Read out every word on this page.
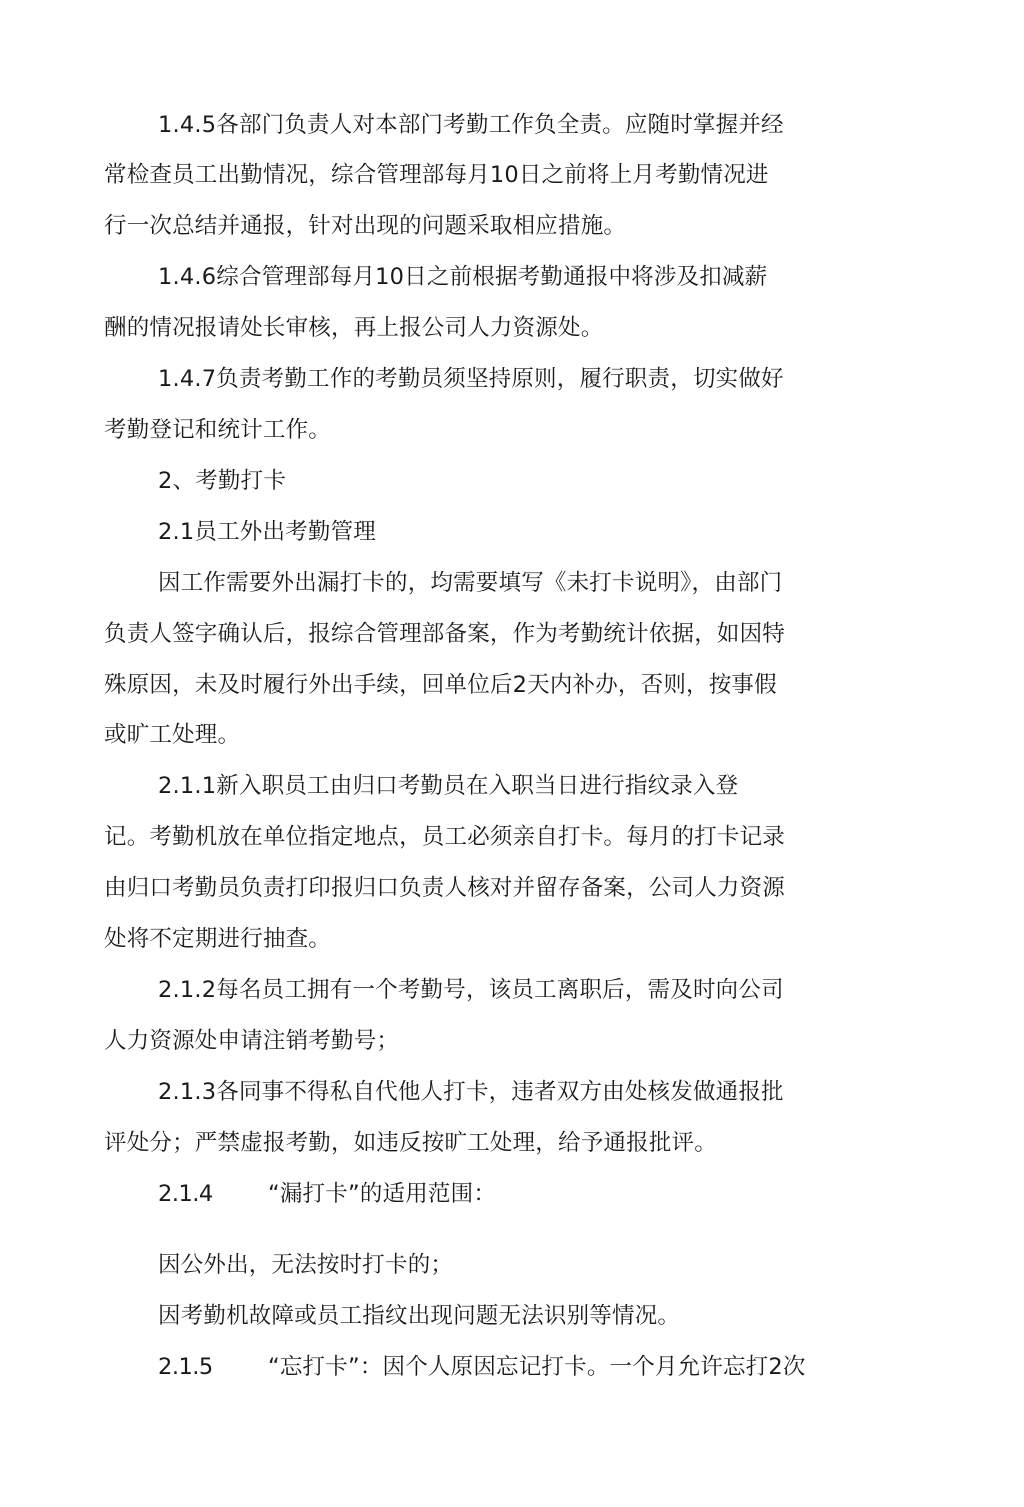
1.4.5各部门负责人对本部门考勤工作负全责。应随时掌握并经
常检查员工出勤情况，综合管理部每月10日之前将上月考勤情况进
行一次总结并通报，针对出现的问题采取相应措施。
1.4.6综合管理部每月10日之前根据考勤通报中将涉及扣减薪
酬的情况报请处长审核，再上报公司人力资源处。
1.4.7负责考勤工作的考勤员须坚持原则，履行职责，切实做好
考勤登记和统计工作。
2、考勤打卡
2.1员工外出考勤管理
因工作需要外出漏打卡的，均需要填写《未打卡说明》，由部门
负责人签字确认后，报综合管理部备案，作为考勤统计依据，如因特
殊原因，未及时履行外出手续，回单位后2天内补办，否则，按事假
或旷工处理。
2.1.1新入职员工由归口考勤员在入职当日进行指纹录入登
记。考勤机放在单位指定地点，员工必须亲自打卡。每月的打卡记录
由归口考勤员负责打印报归口负责人核对并留存备案，公司人力资源
处将不定期进行抽查。
2.1.2每名员工拥有一个考勤号，该员工离职后，需及时向公司
人力资源处申请注销考勤号；
2.1.3各同事不得私自代他人打卡，违者双方由处核发做通报批
评处分；严禁虚报考勤，如违反按旷工处理，给予通报批评。
2.1.4 “漏打卡”的适用范围：
因公外出，无法按时打卡的；
因考勤机故障或员工指纹出现问题无法识别等情况。
2.1.5 “忘打卡”：因个人原因忘记打卡。一个月允许忘打2次
